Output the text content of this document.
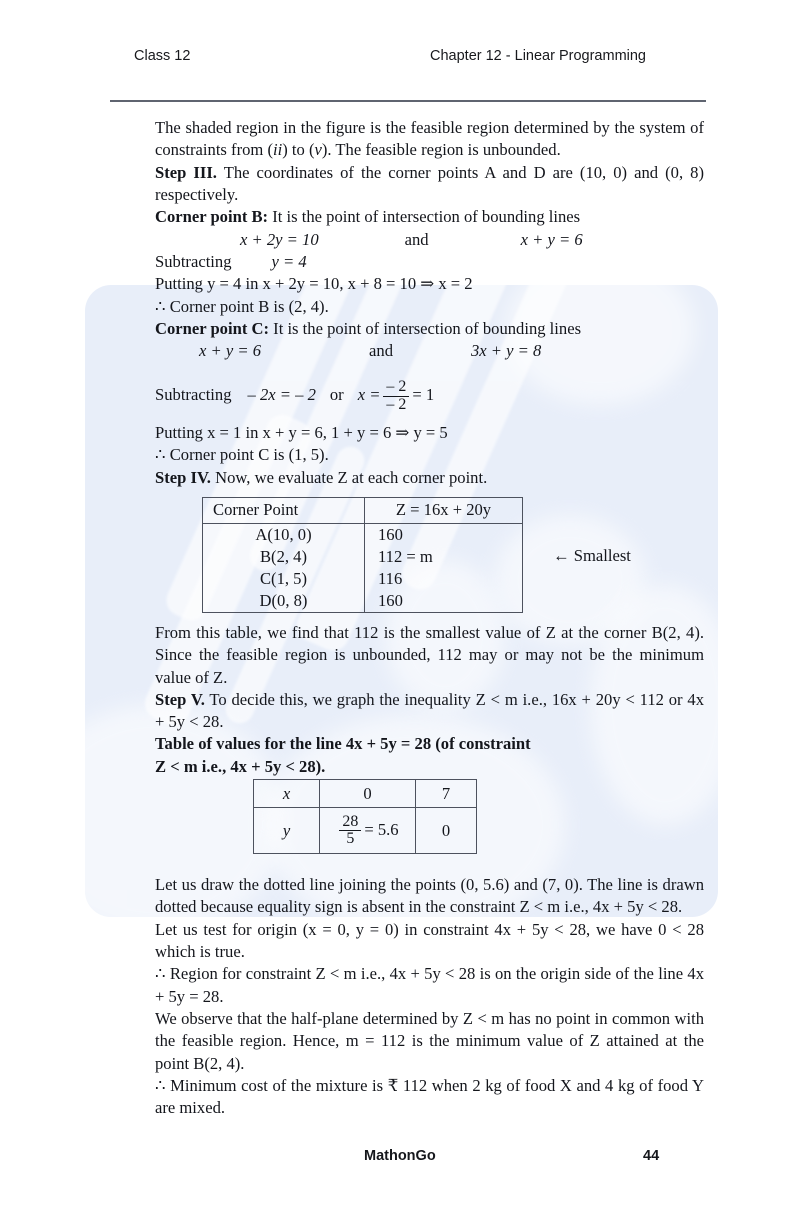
Class 12	Chapter 12 - Linear Programming

The shaded region in the figure is the feasible region determined by the system of constraints from (ii) to (v). The feasible region is unbounded.

Step III. The coordinates of the corner points A and D are (10, 0) and (0, 8) respectively.

Corner point B: It is the point of intersection of bounding lines

x + 2y = 10	and	x + y = 6

Subtracting y = 4

Putting y = 4 in x + 2y = 10, x + 8 = 10 ⇒ x = 2

∴ Corner point B is (2, 4).

Corner point C: It is the point of intersection of bounding lines

x + y = 6	and	3x + y = 8

Subtracting – 2x = – 2 or $x = \frac{- 2}{- 2} = 1$

Putting x = 1 in x + y = 6, 1 + y = 6 ⇒ y = 5

∴ Corner point C is (1, 5).

Step IV. Now, we evaluate Z at each corner point.

From this table, we find that 112 is the smallest value of Z at the corner B(2, 4). Since the feasible region is unbounded, 112 may or may not be the minimum value of Z.

Step V. To decide this, we graph the inequality Z < m i.e., 16x + 20y < 112 or 4x + 5y < 28.

Table of values for the line 4x + 5y = 28 (of constraint

Z < m i.e., 4x + 5y < 28).

Let us draw the dotted line joining the points (0, 5.6) and (7, 0). The line is drawn dotted because equality sign is absent in the constraint Z < m i.e., 4x + 5y < 28.

Let us test for origin (x = 0, y = 0) in constraint 4x + 5y < 28, we have 0 < 28 which is true.

∴ Region for constraint Z < m i.e., 4x + 5y < 28 is on the origin side of the line 4x + 5y = 28.

We observe that the half-plane determined by Z < m has no point in common with the feasible region. Hence, m = 112 is the minimum value of Z attained at the point B(2, 4).

∴ Minimum cost of the mixture is ₹ 112 when 2 kg of food X and 4 kg of food Y are mixed.

Corner Point	Z = 16x + 20y
A(10, 0)	160
B(2, 4)	112 = m
C(1, 5)	116
D(0, 8)	160
← Smallest
x	0	7
y	$\frac{28}{5} = 5.6$	0
MathonGo	44
